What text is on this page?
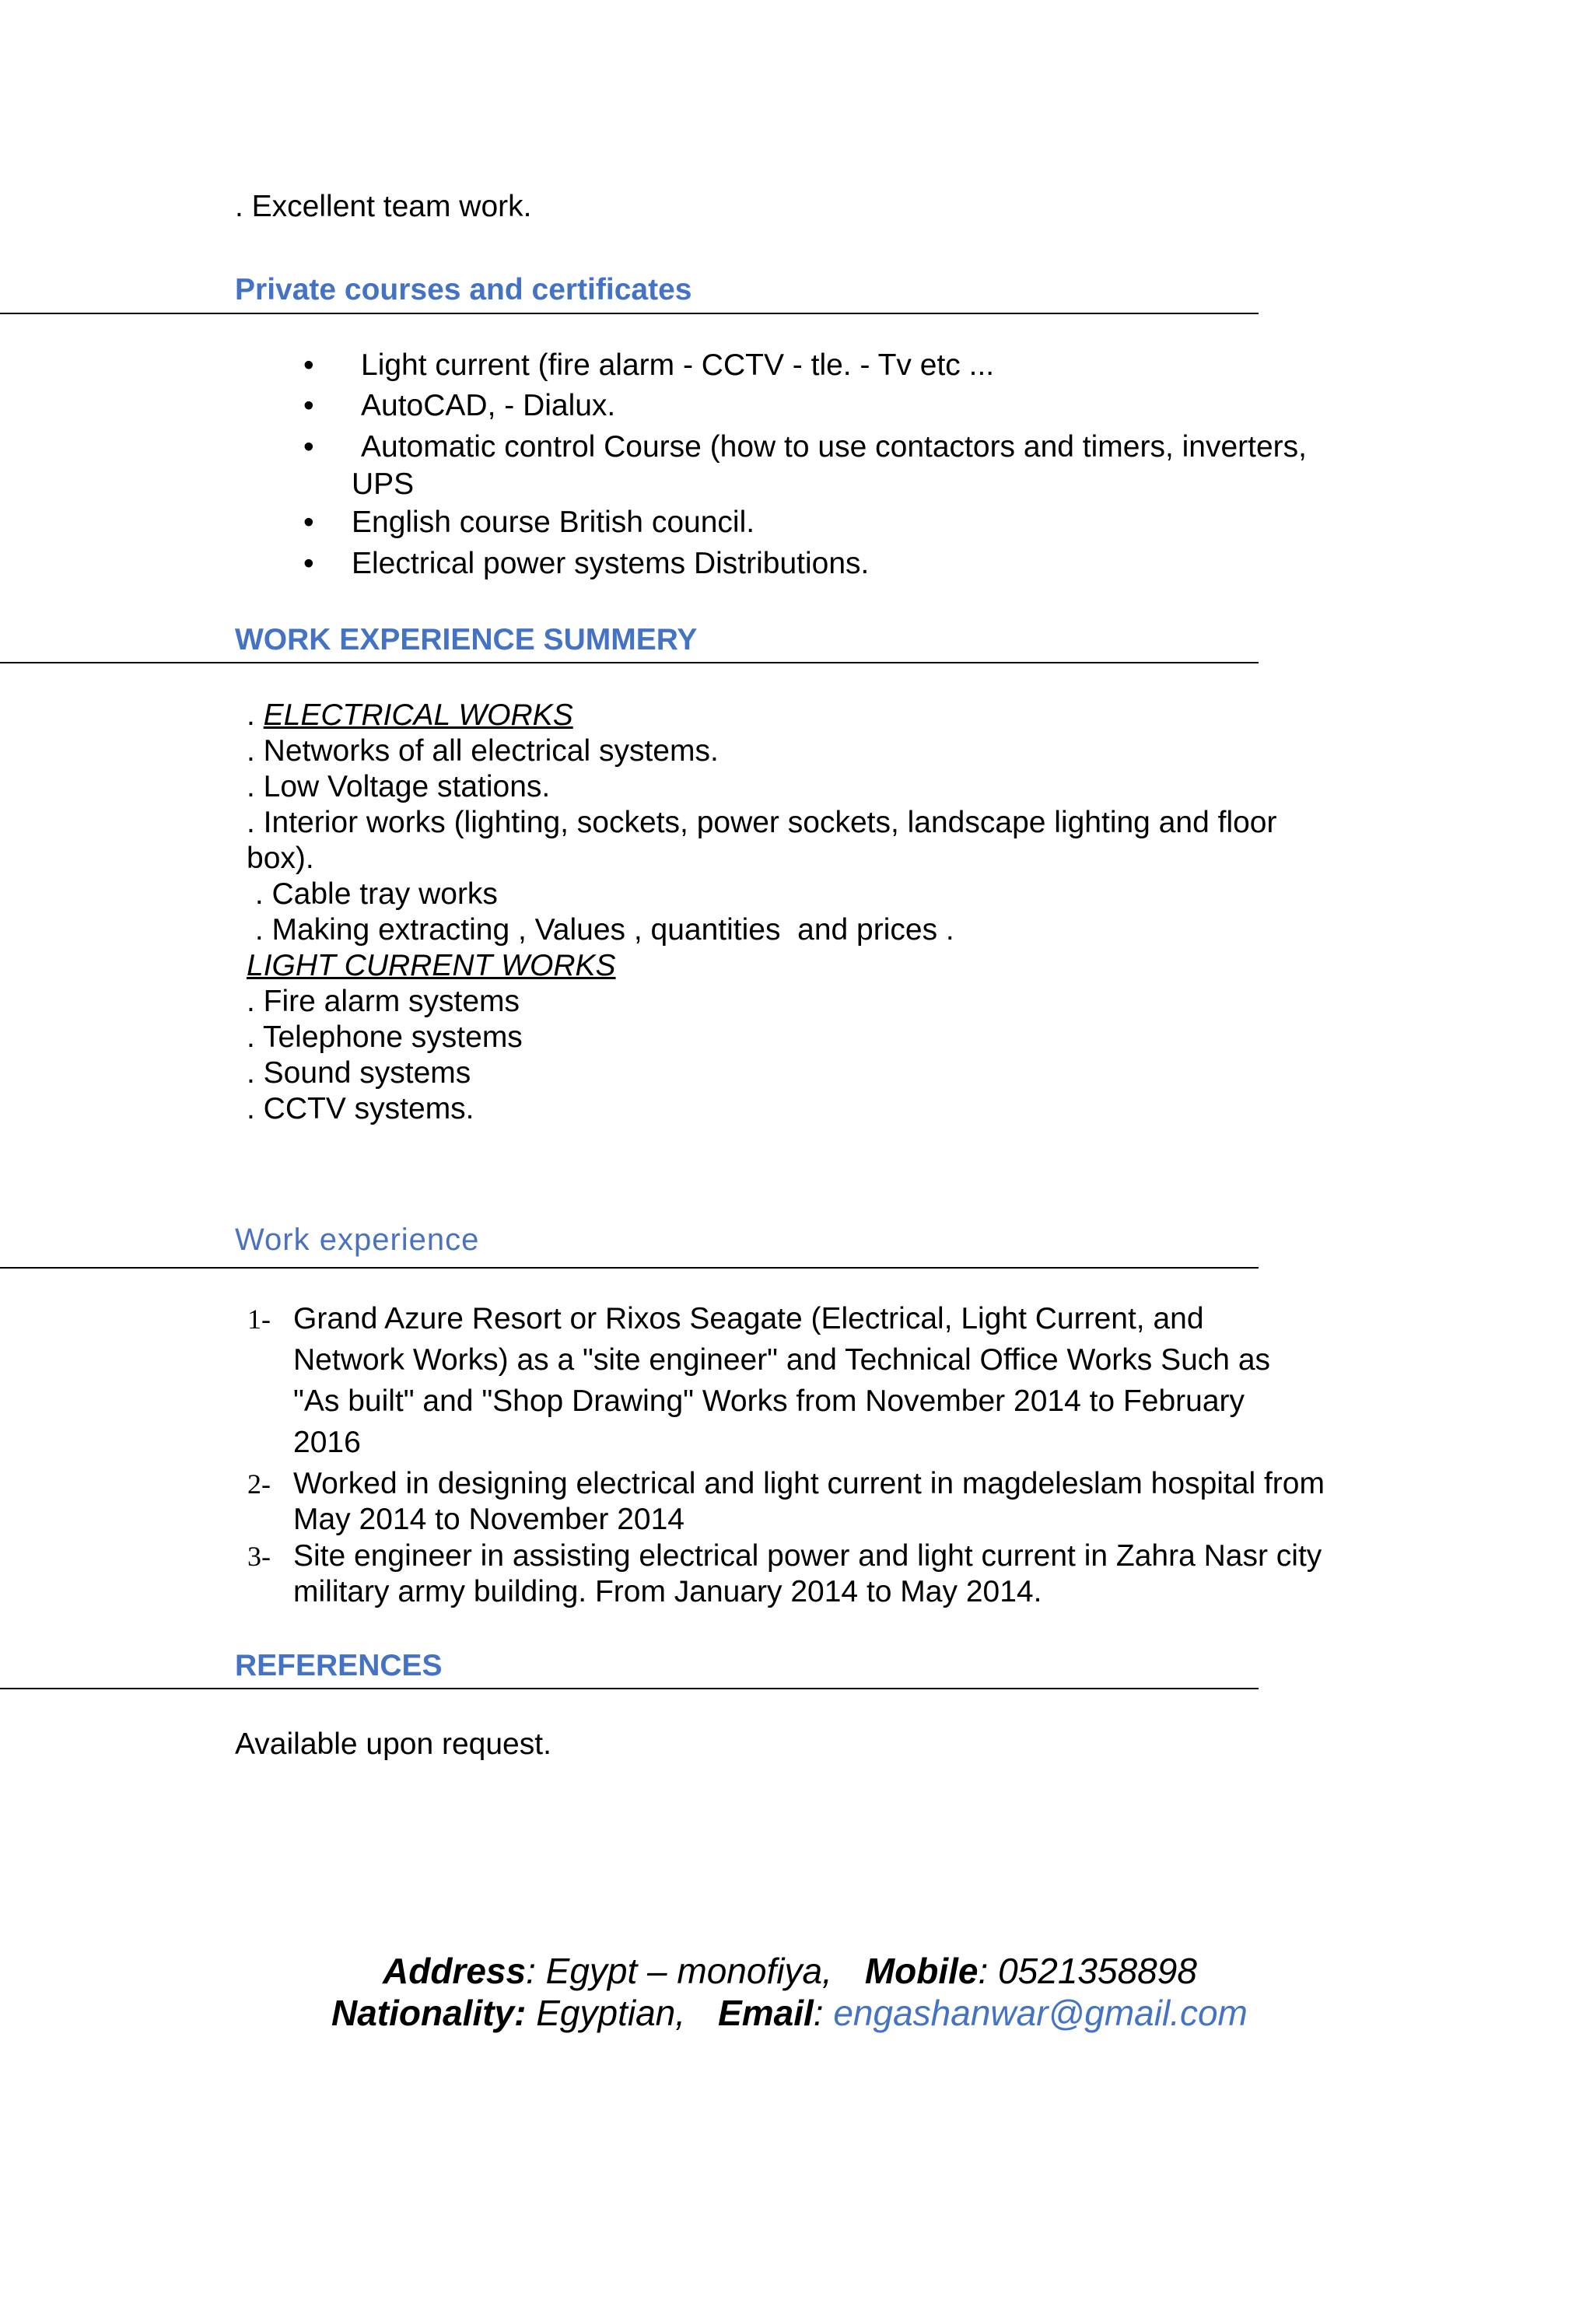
. Excellent team work.
Private courses and certificates
• Light current (fire alarm - CCTV - tle. - Tv etc ...
• AutoCAD, - Dialux.
• Automatic control Course (how to use contactors and timers, inverters,
UPS
• English course British council.
• Electrical power systems Distributions.
WORK EXPERIENCE SUMMERY
. ELECTRICAL WORKS
. Networks of all electrical systems.
. Low Voltage stations.
. Interior works (lighting, sockets, power sockets, landscape lighting and floor
box).
. Cable tray works
. Making extracting , Values , quantities  and prices .
LIGHT CURRENT WORKS
. Fire alarm systems
. Telephone systems
. Sound systems
. CCTV systems.
Work experience
1- Grand Azure Resort or Rixos Seagate (Electrical, Light Current, and
Network Works) as a "site engineer" and Technical Office Works Such as
"As built" and "Shop Drawing" Works from November 2014 to February
2016
2- Worked in designing electrical and light current in magdeleslam hospital from
May 2014 to November 2014
3- Site engineer in assisting electrical power and light current in Zahra Nasr city
military army building. From January 2014 to May 2014.
REFERENCES
Available upon request.
Address: Egypt – monofiya, Mobile: 0521358898
Nationality: Egyptian, Email: engashanwar@gmail.com
